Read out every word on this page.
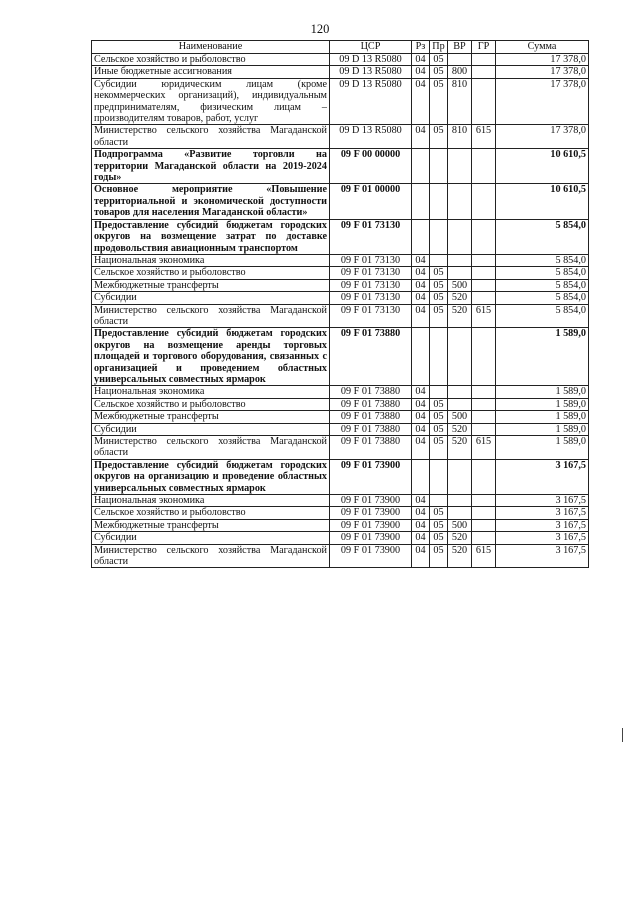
120
Наименование	ЦСР	Рз	Пр	ВР	ГР	Сумма
Сельское хозяйство и рыболовство	09 D 13 R5080	04	05			17 378,0
Иные бюджетные ассигнования	09 D 13 R5080	04	05	800		17 378,0
Субсидии юридическим лицам (кроме некоммерческих организаций), индивидуальным предпринимателям, физическим лицам – производителям товаров, работ, услуг	09 D 13 R5080	04	05	810		17 378,0
Министерство сельского хозяйства Магаданской области	09 D 13 R5080	04	05	810	615	17 378,0
Подпрограмма «Развитие торговли на территории Магаданской области на 2019-2024 годы»	09 F 00 00000					10 610,5
Основное мероприятие «Повышение территориальной и экономической доступности товаров для населения Магаданской области»	09 F 01 00000					10 610,5
Предоставление субсидий бюджетам городских округов на возмещение затрат по доставке продовольствия авиационным транспортом	09 F 01 73130					5 854,0
Национальная экономика	09 F 01 73130	04				5 854,0
Сельское хозяйство и рыболовство	09 F 01 73130	04	05			5 854,0
Межбюджетные трансферты	09 F 01 73130	04	05	500		5 854,0
Субсидии	09 F 01 73130	04	05	520		5 854,0
Министерство сельского хозяйства Магаданской области	09 F 01 73130	04	05	520	615	5 854,0
Предоставление субсидий бюджетам городских округов на возмещение аренды торговых площадей и торгового оборудования, связанных с организацией и проведением областных универсальных совместных ярмарок	09 F 01 73880					1 589,0
Национальная экономика	09 F 01 73880	04				1 589,0
Сельское хозяйство и рыболовство	09 F 01 73880	04	05			1 589,0
Межбюджетные трансферты	09 F 01 73880	04	05	500		1 589,0
Субсидии	09 F 01 73880	04	05	520		1 589,0
Министерство сельского хозяйства Магаданской области	09 F 01 73880	04	05	520	615	1 589,0
Предоставление субсидий бюджетам городских округов на организацию и проведение областных универсальных совместных ярмарок	09 F 01 73900					3 167,5
Национальная экономика	09 F 01 73900	04				3 167,5
Сельское хозяйство и рыболовство	09 F 01 73900	04	05			3 167,5
Межбюджетные трансферты	09 F 01 73900	04	05	500		3 167,5
Субсидии	09 F 01 73900	04	05	520		3 167,5
Министерство сельского хозяйства Магаданской области	09 F 01 73900	04	05	520	615	3 167,5
